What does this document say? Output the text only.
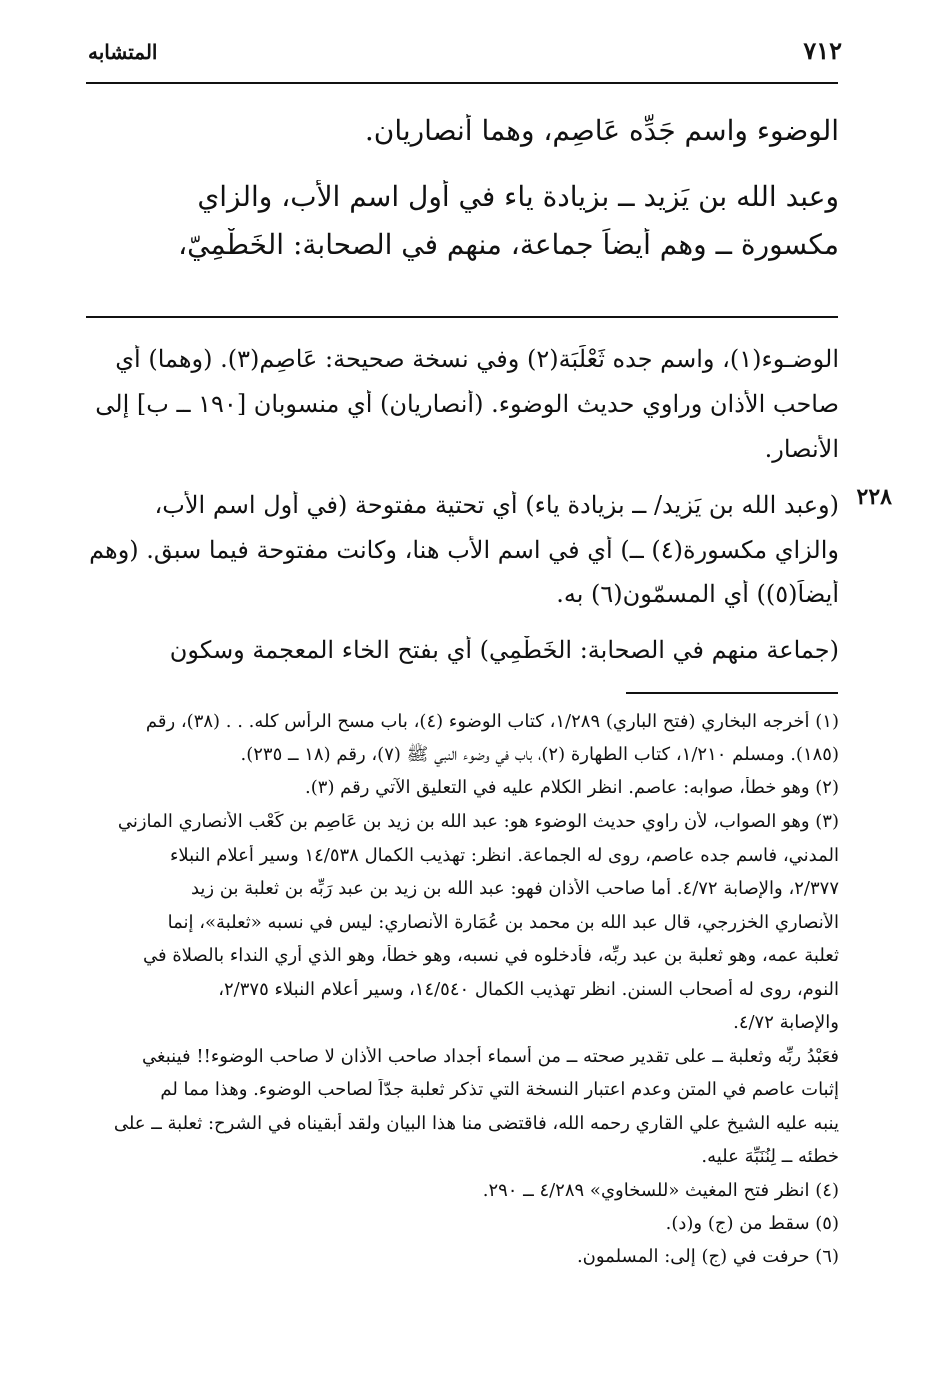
٧١٢
المتشابه
الوضوء واسم جَدِّه عَاصِم، وهما أنصاريان.
وعبد الله بن يَزِيد ــ بزيادة ياء في أول اسم الأب، والزاي
مكسورة ــ وهم أيضاً جماعة، منهم في الصحابة: الخَطْمِيّ،
الوضـوء(١)، واسم جده ثَعْلَبَة(٢) وفي نسخة صحيحة: عَاصِم(٣). (وهما) أي
صاحب الأذان وراوي حديث الوضوء. (أنصاريان) أي منسوبان [١٩٠ ــ ب] إلى
الأنصار.
٢٢٨
(وعبد الله بن يَزِيد/ ــ بزيادة ياء) أي تحتية مفتوحة (في أول اسم الأب،
والزاي مكسورة(٤) ــ) أي في اسم الأب هنا، وكانت مفتوحة فيما سبق. (وهم
أيضاً(٥)) أي المسمّون(٦) به.
(جماعة منهم في الصحابة: الخَطْمِي) أي بفتح الخاء المعجمة وسكون
(١) أخرجه البخاري (فتح الباري) ١/٢٨٩، كتاب الوضوء (٤)، باب مسح الرأس كله. . . (٣٨)، رقم
(١٨٥). ومسلم ١/٢١٠، كتاب الطهارة (٢)، باب في وضوء النبي ﷺ (٧)، رقم (١٨ ــ ٢٣٥).
(٢) وهو خطأ، صوابه: عاصم. انظر الكلام عليه في التعليق الآتي رقم (٣).
(٣) وهو الصواب، لأن راوي حديث الوضوء هو: عبد الله بن زيد بن عَاصِم بن كَعْب الأنصاري المازني
المدني، فاسم جده عاصم، روى له الجماعة. انظر: تهذيب الكمال ١٤/٥٣٨ وسير أعلام النبلاء
٢/٣٧٧، والإصابة ٤/٧٢. أما صاحب الأذان فهو: عبد الله بن زيد بن عبد رَبِّه بن ثعلبة بن زيد
الأنصاري الخزرجي، قال عبد الله بن محمد بن عُمَارة الأنصاري: ليس في نسبه «ثعلبة»، إنما
ثعلبة عمه، وهو ثعلبة بن عبد ربِّه، فأدخلوه في نسبه، وهو خطأ، وهو الذي أُري النداء بالصلاة في
النوم، روى له أصحاب السنن. انظر تهذيب الكمال ١٤/٥٤٠، وسير أعلام النبلاء ٢/٣٧٥،
والإصابة ٤/٧٢.
فعَبْدُ ربِّه وثعلبة ــ على تقدير صحته ــ من أسماء أجداد صاحب الأذان لا صاحب الوضوء!! فينبغي
إثبات عاصم في المتن وعدم اعتبار النسخة التي تذكر ثعلبة جدّاً لصاحب الوضوء. وهذا مما لم
ينبه عليه الشيخ علي القاري رحمه الله، فاقتضى منا هذا البيان ولقد أبقيناه في الشرح: ثعلبة ــ على
خطئه ــ لِنُنَبِّهَ عليه.
(٤) انظر فتح المغيث «للسخاوي» ٤/٢٨٩ ــ ٢٩٠.
(٥) سقط من (ج) و(د).
(٦) حرفت في (ج) إلى: المسلمون.
